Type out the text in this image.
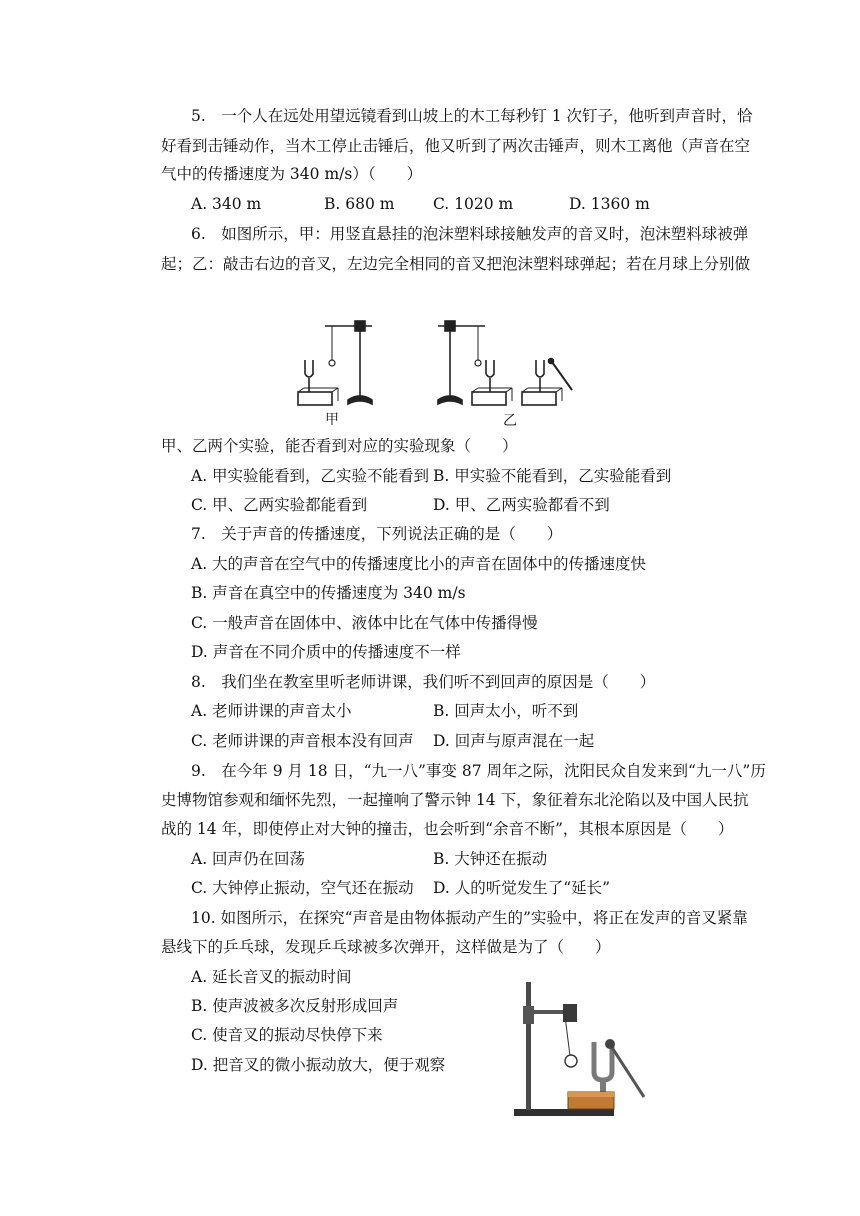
5.　一个人在远处用望远镜看到山坡上的木工每秒钉 1 次钉子，他听到声音时，恰
好看到击锤动作，当木工停止击锤后，他又听到了两次击锤声，则木工离他（声音在空
气中的传播速度为 340 m/s）（　　）
A. 340 m	B. 680 m C. 1020 m	D. 1360 m
6.　如图所示，甲：用竖直悬挂的泡沫塑料球接触发声的音叉时，泡沫塑料球被弹
起；乙：敲击右边的音叉，左边完全相同的音叉把泡沫塑料球弹起；若在月球上分别做
甲	乙
甲、乙两个实验，能否看到对应的实验现象（　　）
A. 甲实验能看到，乙实验不能看到 B. 甲实验不能看到，乙实验能看到
C. 甲、乙两实验都能看到	D. 甲、乙两实验都看不到
7.　关于声音的传播速度，下列说法正确的是（　　）
A. 大的声音在空气中的传播速度比小的声音在固体中的传播速度快
B. 声音在真空中的传播速度为 340 m/s
C. 一般声音在固体中、液体中比在气体中传播得慢
D. 声音在不同介质中的传播速度不一样
8.　我们坐在教室里听老师讲课，我们听不到回声的原因是（　　）
A. 老师讲课的声音太小	B. 回声太小，听不到
C. 老师讲课的声音根本没有回声 D. 回声与原声混在一起
9.　在今年 9 月 18 日，“九一八”事变 87 周年之际，沈阳民众自发来到“九一八”历
史博物馆参观和缅怀先烈，一起撞响了警示钟 14 下，象征着东北沦陷以及中国人民抗
战的 14 年，即使停止对大钟的撞击，也会听到“余音不断”，其根本原因是（　　）
A. 回声仍在回荡	B. 大钟还在振动
C. 大钟停止振动，空气还在振动 D. 人的听觉发生了“延长”
10. 如图所示，在探究“声音是由物体振动产生的”实验中，将正在发声的音叉紧靠
悬线下的乒乓球，发现乒乓球被多次弹开，这样做是为了（　　）
A. 延长音叉的振动时间
B. 使声波被多次反射形成回声
C. 使音叉的振动尽快停下来
D. 把音叉的微小振动放大，便于观察
